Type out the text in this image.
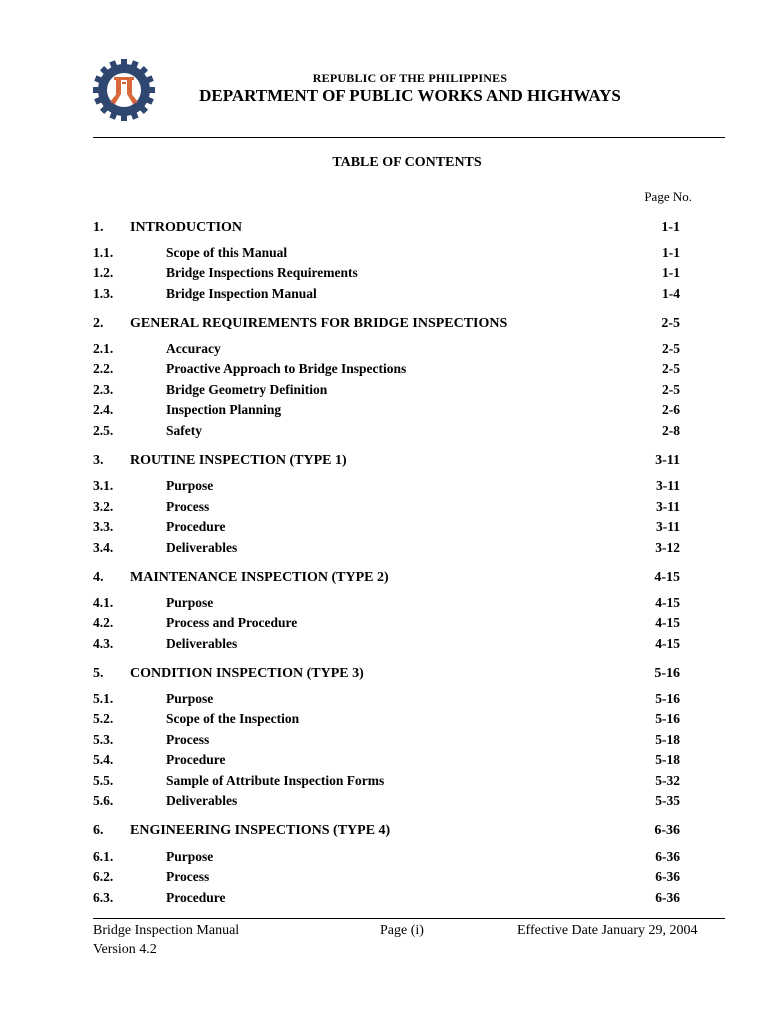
REPUBLIC OF THE PHILIPPINES
DEPARTMENT OF PUBLIC WORKS AND HIGHWAYS
TABLE OF CONTENTS
Page No.
1. INTRODUCTION	1-1
1.1.	Scope of this Manual	1-1
1.2.	Bridge Inspections Requirements	1-1
1.3.	Bridge Inspection Manual	1-4
2. GENERAL REQUIREMENTS FOR BRIDGE INSPECTIONS	2-5
2.1.	Accuracy	2-5
2.2.	Proactive Approach to Bridge Inspections	2-5
2.3.	Bridge Geometry Definition	2-5
2.4.	Inspection Planning	2-6
2.5.	Safety	2-8
3. ROUTINE INSPECTION (TYPE 1)	3-11
3.1.	Purpose	3-11
3.2.	Process	3-11
3.3.	Procedure	3-11
3.4.	Deliverables	3-12
4. MAINTENANCE INSPECTION (TYPE 2)	4-15
4.1.	Purpose	4-15
4.2.	Process and Procedure	4-15
4.3.	Deliverables	4-15
5. CONDITION INSPECTION (TYPE 3)	5-16
5.1.	Purpose	5-16
5.2.	Scope of the Inspection	5-16
5.3.	Process	5-18
5.4.	Procedure	5-18
5.5.	Sample of Attribute Inspection Forms	5-32
5.6.	Deliverables	5-35
6. ENGINEERING INSPECTIONS (TYPE 4)	6-36
6.1.	Purpose	6-36
6.2.	Process	6-36
6.3.	Procedure	6-36
Bridge Inspection Manual	Page (i)	Effective Date January 29, 2004
Version 4.2
